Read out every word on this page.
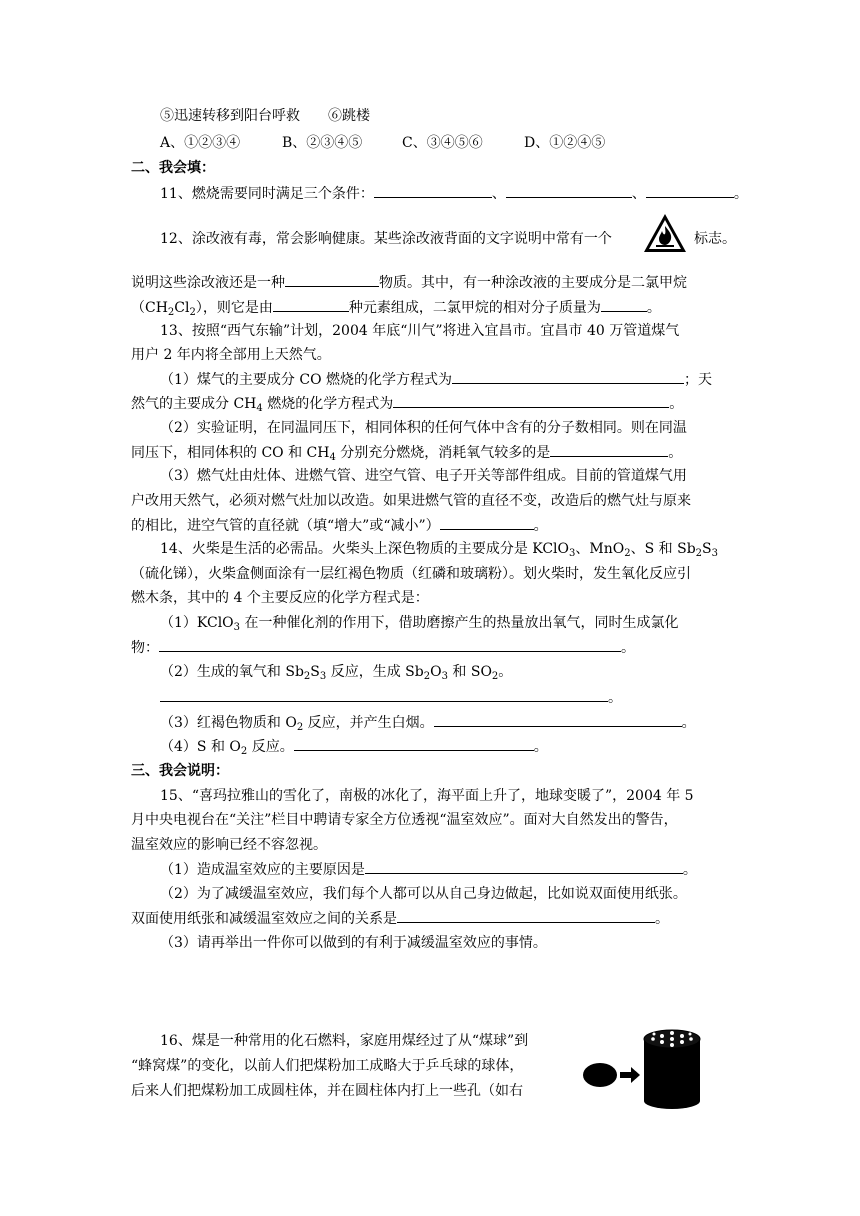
⑤迅速转移到阳台呼救　　⑥跳楼
A、①②③④	B、②③④⑤	C、③④⑤⑥	D、①②④⑤
二、我会填：
11、燃烧需要同时满足三个条件：	、	、	。
12、涂改液有毒，常会影响健康。某些涂改液背面的文字说明中常有一个	标志。
说明这些涂改液还是一种	物质。其中，有一种涂改液的主要成分是二氯甲烷
$(CH_2Cl_2)$，则它是由	种元素组成，二氯甲烷的相对分子质量为	。
13、按照“西气东输”计划，2004 年底“川气”将进入宜昌市。宜昌市 40 万管道煤气
用户 2 年内将全部用上天然气。
（1）煤气的主要成分 CO 燃烧的化学方程式为	；天
然气的主要成分 $CH_4$ 燃烧的化学方程式为	。
（2）实验证明，在同温同压下，相同体积的任何气体中含有的分子数相同。则在同温
同压下，相同体积的 CO 和 $CH_4$ 分别充分燃烧，消耗氧气较多的是	。
（3）燃气灶由灶体、进燃气管、进空气管、电子开关等部件组成。目前的管道煤气用
户改用天然气，必须对燃气灶加以改造。如果进燃气管的直径不变，改造后的燃气灶与原来
的相比，进空气管的直径就（填“增大”或“减小”）	。
14、火柴是生活的必需品。火柴头上深色物质的主要成分是 KClO$_3$、MnO$_2$、S 和 $Sb_2S_3$
（硫化锑），火柴盒侧面涂有一层红褐色物质（红磷和玻璃粉）。划火柴时，发生氧化反应引
燃木条，其中的 4 个主要反应的化学方程式是：
（1）KClO$_3$ 在一种催化剂的作用下，借助磨擦产生的热量放出氧气，同时生成氯化
物：	。
（2）生成的氧气和 $Sb_2S_3$ 反应，生成 $Sb_2O_3$ 和 $SO_2$。
。
（3）红褐色物质和 $O_2$ 反应，并产生白烟。	。
（4）S 和 $O_2$ 反应。	。
三、我会说明：
15、“喜玛拉雅山的雪化了，南极的冰化了，海平面上升了，地球变暖了”，2004 年 5
月中央电视台在“关注”栏目中聘请专家全方位透视“温室效应”。面对大自然发出的警告，
温室效应的影响已经不容忽视。
（1）造成温室效应的主要原因是	。
（2）为了减缓温室效应，我们每个人都可以从自己身边做起，比如说双面使用纸张。
双面使用纸张和减缓温室效应之间的关系是	。
（3）请再举出一件你可以做到的有利于减缓温室效应的事情。
16、煤是一种常用的化石燃料，家庭用煤经过了从“煤球”到
“蜂窝煤”的变化，以前人们把煤粉加工成略大于乒乓球的球体，
后来人们把煤粉加工成圆柱体，并在圆柱体内打上一些孔（如右
